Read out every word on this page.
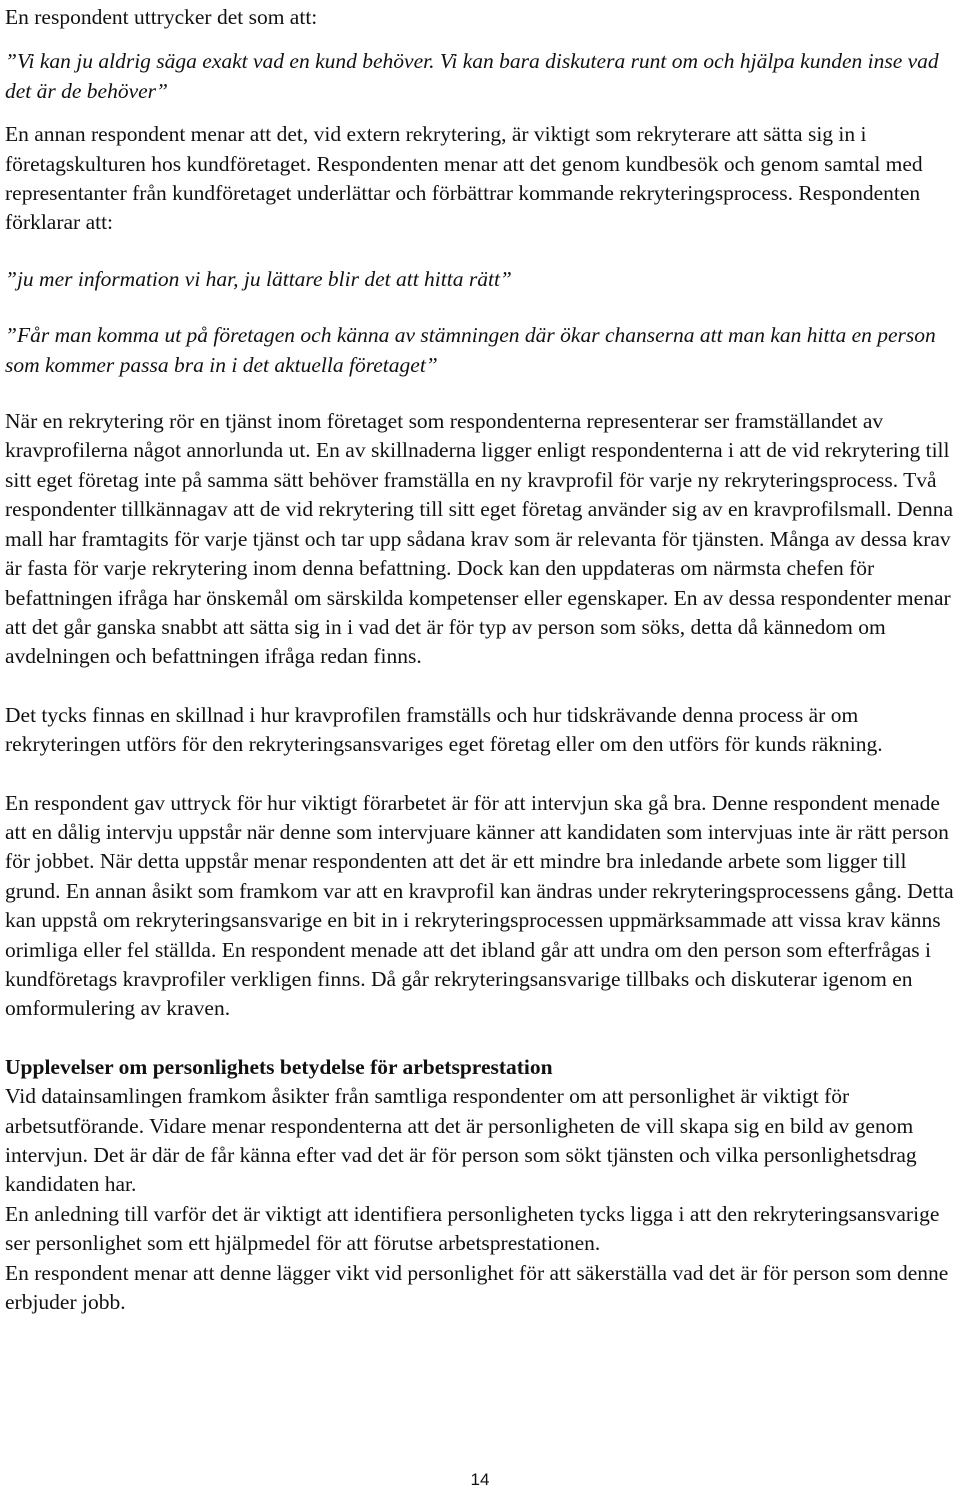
En respondent uttrycker det som att:

”Vi kan ju aldrig säga exakt vad en kund behöver. Vi kan bara diskutera runt om och hjälpa kunden inse vad det är de behöver”

En annan respondent menar att det, vid extern rekrytering, är viktigt som rekryterare att sätta sig in i företagskulturen hos kundföretaget. Respondenten menar att det genom kundbesök och genom samtal med representanter från kundföretaget underlättar och förbättrar kommande rekryteringsprocess. Respondenten förklarar att:

”ju mer information vi har, ju lättare blir det att hitta rätt”

”Får man komma ut på företagen och känna av stämningen där ökar chanserna att man kan hitta en person som kommer passa bra in i det aktuella företaget”

När en rekrytering rör en tjänst inom företaget som respondenterna representerar ser framställandet av kravprofilerna något annorlunda ut. En av skillnaderna ligger enligt respondenterna i att de vid rekrytering till sitt eget företag inte på samma sätt behöver framställa en ny kravprofil för varje ny rekryteringsprocess. Två respondenter tillkännagav att de vid rekrytering till sitt eget företag använder sig av en kravprofilsmall. Denna mall har framtagits för varje tjänst och tar upp sådana krav som är relevanta för tjänsten. Många av dessa krav är fasta för varje rekrytering inom denna befattning. Dock kan den uppdateras om närmsta chefen för befattningen ifråga har önskemål om särskilda kompetenser eller egenskaper. En av dessa respondenter menar att det går ganska snabbt att sätta sig in i vad det är för typ av person som söks, detta då kännedom om avdelningen och befattningen ifråga redan finns.

Det tycks finnas en skillnad i hur kravprofilen framställs och hur tidskrävande denna process är om rekryteringen utförs för den rekryteringsansvariges eget företag eller om den utförs för kunds räkning.

En respondent gav uttryck för hur viktigt förarbetet är för att intervjun ska gå bra. Denne respondent menade att en dålig intervju uppstår när denne som intervjuare känner att kandidaten som intervjuas inte är rätt person för jobbet. När detta uppstår menar respondenten att det är ett mindre bra inledande arbete som ligger till grund. En annan åsikt som framkom var att en kravprofil kan ändras under rekryteringsprocessens gång. Detta kan uppstå om rekryteringsansvarige en bit in i rekryteringsprocessen uppmärksammade att vissa krav känns orimliga eller fel ställda. En respondent menade att det ibland går att undra om den person som efterfrågas i kundföretags kravprofiler verkligen finns. Då går rekryteringsansvarige tillbaks och diskuterar igenom en omformulering av kraven.

Upplevelser om personlighets betydelse för arbetsprestation

Vid datainsamlingen framkom åsikter från samtliga respondenter om att personlighet är viktigt för arbetsutförande. Vidare menar respondenterna att det är personligheten de vill skapa sig en bild av genom intervjun. Det är där de får känna efter vad det är för person som sökt tjänsten och vilka personlighetsdrag kandidaten har.

En anledning till varför det är viktigt att identifiera personligheten tycks ligga i att den rekryteringsansvarige ser personlighet som ett hjälpmedel för att förutse arbetsprestationen.

En respondent menar att denne lägger vikt vid personlighet för att säkerställa vad det är för person som denne erbjuder jobb.

14
